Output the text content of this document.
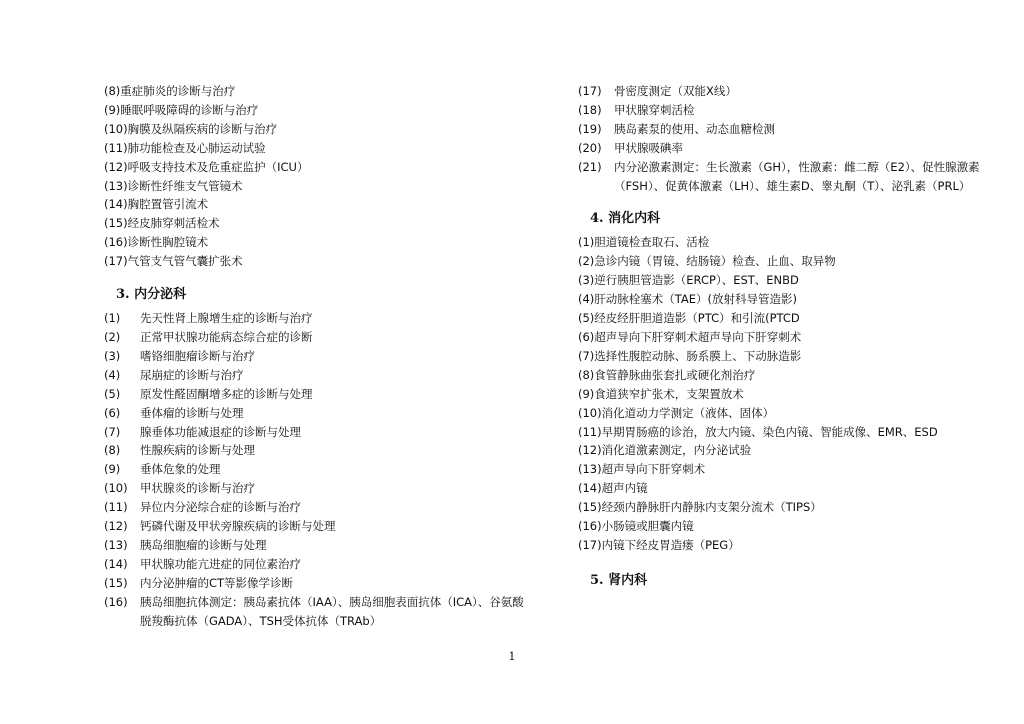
(8) 重症肺炎的诊断与治疗
(9) 睡眠呼吸障碍的诊断与治疗
(10) 胸膜及纵隔疾病的诊断与治疗
(11) 肺功能检查及心肺运动试验
(12) 呼吸支持技术及危重症监护（ICU）
(13) 诊断性纤维支气管镜术
(14) 胸腔置管引流术
(15) 经皮肺穿刺活检术
(16) 诊断性胸腔镜术
(17) 气管支气管气囊扩张术
3. 内分泌科
(1)	先天性肾上腺增生症的诊断与治疗
(2)	正常甲状腺功能病态综合症的诊断
(3)	嗜铬细胞瘤诊断与治疗
(4)	尿崩症的诊断与治疗
(5)	原发性醛固酮增多症的诊断与处理
(6)	垂体瘤的诊断与处理
(7)	腺垂体功能减退症的诊断与处理
(8)	性腺疾病的诊断与处理
(9)	垂体危象的处理
(10)	甲状腺炎的诊断与治疗
(11)	异位内分泌综合症的诊断与治疗
(12)	钙磷代谢及甲状旁腺疾病的诊断与处理
(13)	胰岛细胞瘤的诊断与处理
(14)	甲状腺功能亢进症的同位素治疗
(15)	内分泌肿瘤的CT等影像学诊断
(16)	胰岛细胞抗体测定：胰岛素抗体（IAA）、胰岛细胞表面抗体（ICA）、谷氨酸脱羧酶抗体（GADA）、TSH受体抗体（TRAb）
(17)	骨密度测定（双能X线）
(18)	甲状腺穿刺活检
(19)	胰岛素泵的使用、动态血糖检测
(20)	甲状腺吸碘率
(21)	内分泌激素测定：生长激素（GH），性激素：雌二醇（E2）、促性腺激素（FSH）、促黄体激素（LH）、雄生素D、睾丸酮（T）、泌乳素（PRL）
4. 消化内科
(1) 胆道镜检查取石、活检
(2) 急诊内镜（胃镜、结肠镜）检查、止血、取异物
(3) 逆行胰胆管造影（ERCP）、EST、ENBD
(4) 肝动脉栓塞术（TAE）(放射科导管造影)
(5) 经皮经肝胆道造影（PTC）和引流(PTCD
(6) 超声导向下肝穿刺术超声导向下肝穿刺术
(7) 选择性腹腔动脉、肠系膜上、下动脉造影
(8) 食管静脉曲张套扎或硬化剂治疗
(9) 食道狭窄扩张术，支架置放术
(10) 消化道动力学测定（液体、固体）
(11) 早期胃肠癌的诊治，放大内镜、染色内镜、智能成像、EMR、ESD
(12) 消化道激素测定，内分泌试验
(13) 超声导向下肝穿刺术
(14) 超声内镜
(15) 经颈内静脉肝内静脉内支架分流术（TIPS）
(16) 小肠镜或胆囊内镜
(17) 内镜下经皮胃造瘘（PEG）
5. 肾内科
1
